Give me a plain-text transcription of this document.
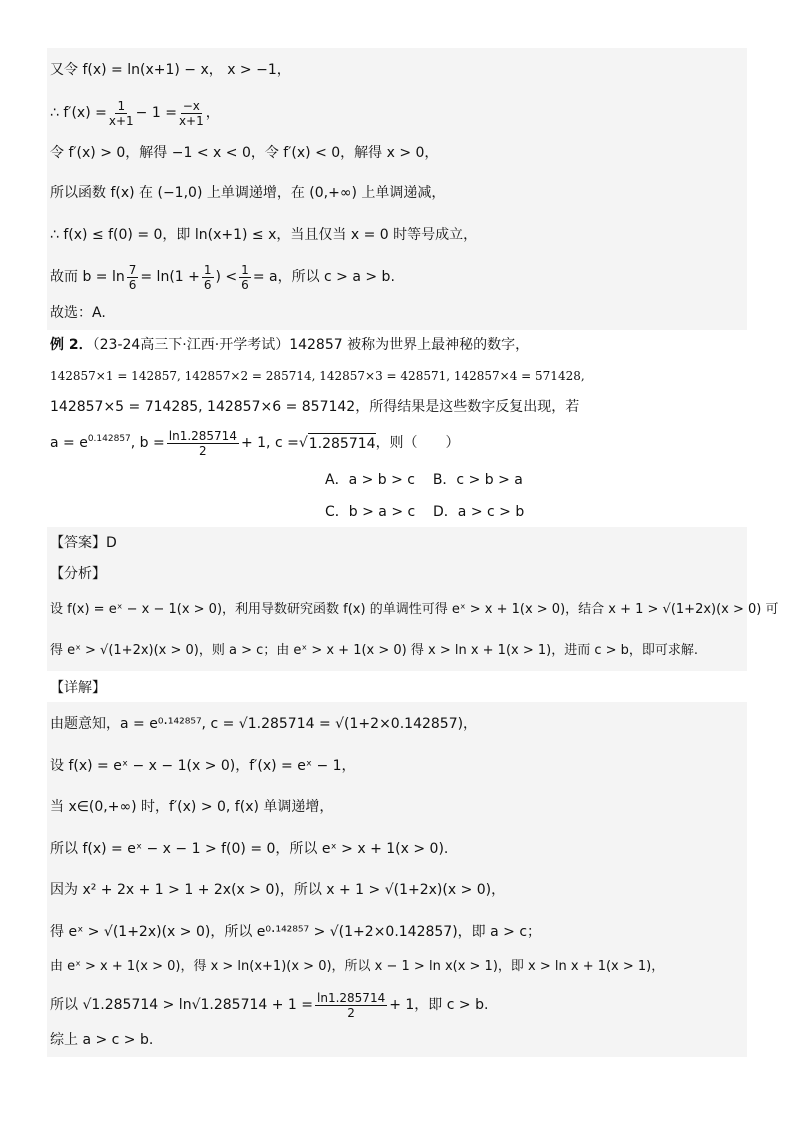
又令 f(x) = ln(x+1) − x， x > −1，
∴ $f'(x) = \frac{1}{x+1} - 1 = \frac{-x}{x+1}$ ，
令 f′(x) > 0，解得 −1 < x < 0，令 f′(x) < 0，解得 x > 0，
所以函数 f(x) 在 (−1,0) 上单调递增，在 (0,+∞) 上单调递减，
∴ f(x) ≤ f(0) = 0，即 ln(x+1) ≤ x，当且仅当 x = 0 时等号成立，
故而 $b = \ln \frac{7}{6} = \ln(1 + \frac{1}{6}$ ) < $\frac{1}{6} = a$，所以 c > a > b.
故选：A.
例 2．（23-24高三下·江西·开学考试）142857 被称为世界上最神秘的数字，
142857×1 = 142857, 142857×2 = 285714, 142857×3 = 428571, 142857×4 = 571428,
142857×5 = 714285, 142857×6 = 857142，所得结果是这些数字反复出现，若
$a = e^{0.142857}$ , $b = \frac{\ln 1.285714}{2} + 1$, c = √ 1.285714 ，则（　　）
A．a > b > c B．c > b > a
C．b > a > c D．a > c > b
【答案】D
【分析】
设 f(x) = eˣ − x − 1(x > 0)，利用导数研究函数 f(x) 的单调性可得 eˣ > x + 1(x > 0)，结合 x + 1 > √(1+2x)(x > 0) 可
得 eˣ > √(1+2x)(x > 0)，则 a > c；由 eˣ > x + 1(x > 0) 得 x > ln x + 1(x > 1)，进而 c > b，即可求解.
【详解】
由题意知，a = e⁰·¹⁴²⁸⁵⁷, c = √1.285714 = √(1+2×0.142857)，
设 f(x) = eˣ − x − 1(x > 0)，f′(x) = eˣ − 1，
当 x∈(0,+∞) 时，f′(x) > 0, f(x) 单调递增，
所以 f(x) = eˣ − x − 1 > f(0) = 0，所以 eˣ > x + 1(x > 0).
因为 x² + 2x + 1 > 1 + 2x(x > 0)，所以 x + 1 > √(1+2x)(x > 0)，
得 eˣ > √(1+2x)(x > 0)，所以 e⁰·¹⁴²⁸⁵⁷ > √(1+2×0.142857)，即 a > c；
由 eˣ > x + 1(x > 0)，得 x > ln(x+1)(x > 0)，所以 x − 1 > ln x(x > 1)，即 x > ln x + 1(x > 1)，
所以 $√1.285714 > \ln√1.285714 + 1 = \frac{\ln 1.285714}{2} + 1$，即 c > b.
综上 a > c > b.
